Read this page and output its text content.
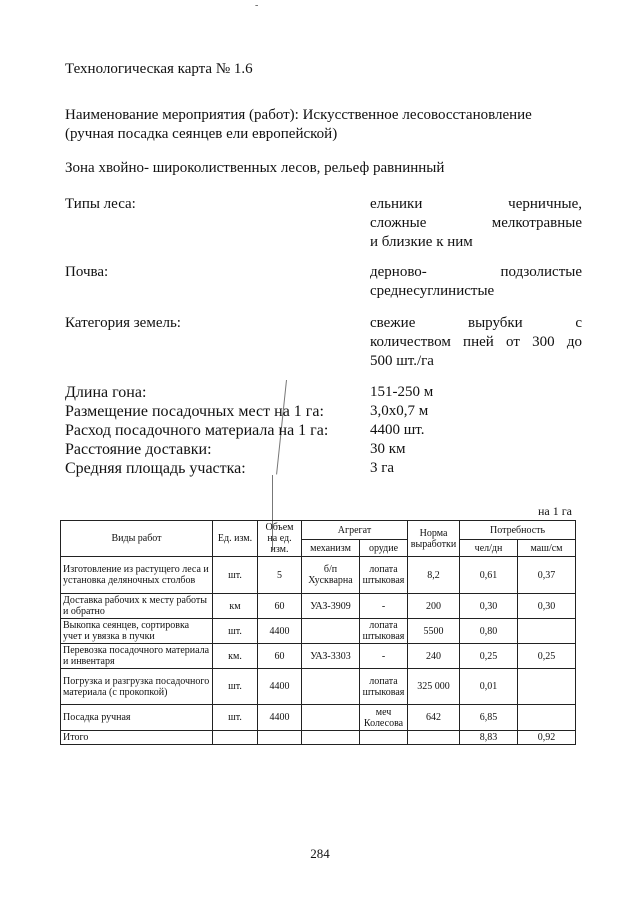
-
Технологическая карта № 1.6
Наименование мероприятия (работ): Искусственное лесовосстановление
(ручная посадка сеянцев ели европейской)
Зона хвойно- широколиственных лесов, рельеф равнинный
Типы леса:	ельники черничные,
сложные мелкотравные
и близкие к ним
Почва:	дерново- подзолистые
среднесуглинистые
Категория земель:	свежие вырубки с
количеством пней от 300 до
500 шт./га
Длина гона:	151-250 м
Размещение посадочных мест на 1 га:	3,0х0,7 м
Расход посадочного материала на 1 га:	4400 шт.
Расстояние доставки:	30 км
Средняя площадь участка:	3 га
на 1 га
Виды работ	Ед. изм.	Объем на ед. изм.	Агрегат		Норма выработки	Потребность	
			механизм	орудие		чел/дн	маш/см
Изготовление из растущего леса и установка деляночных столбов	шт.	5	б/п Хускварна	лопата штыковая	8,2	0,61	0,37
Доставка рабочих к месту работы и обратно	км	60	УАЗ-3909	-	200	0,30	0,30
Выкопка сеянцев, сортировка учет и увязка в пучки	шт.	4400		лопата штыковая	5500	0,80	
Перевозка посадочного материала и инвентаря	км.	60	УАЗ-3303	-	240	0,25	0,25
Погрузка и разгрузка посадочного материала (с прокопкой)	шт.	4400		лопата штыковая	325 000	0,01	
Посадка ручная	шт.	4400		меч Колесова	642	6,85	
Итого						8,83	0,92
284
